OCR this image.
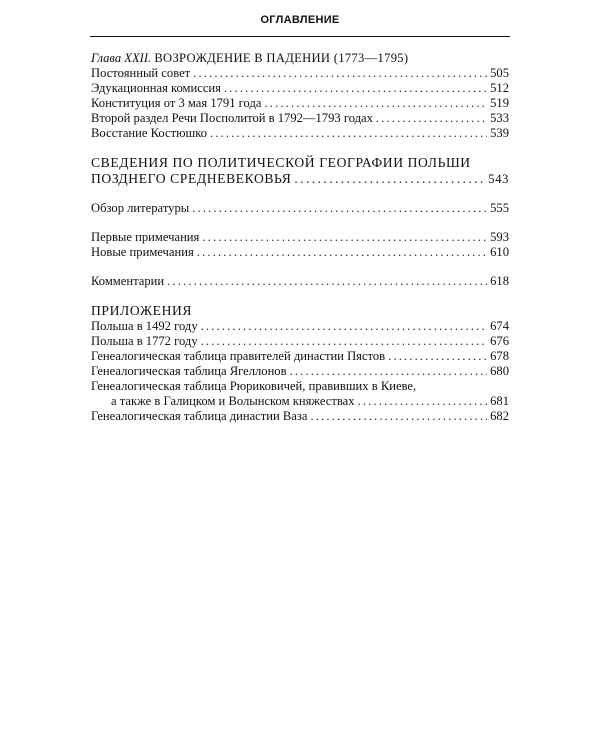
ОГЛАВЛЕНИЕ
Глава XXII. ВОЗРОЖДЕНИЕ В ПАДЕНИИ (1773—1795)
Постоянный совет . . .	505
Эдукационная комиссия . . .	512
Конституция от 3 мая 1791 года . . .	519
Второй раздел Речи Посполитой в 1792—1793 годах . . .	533
Восстание Костюшко . . .	539
СВЕДЕНИЯ ПО ПОЛИТИЧЕСКОЙ ГЕОГРАФИИ ПОЛЬШИ
ПОЗДНЕГО СРЕДНЕВЕКОВЬЯ . . .	543
Обзор литературы . . .	555
Первые примечания . . .	593
Новые примечания . . .	610
Комментарии . . .	618
ПРИЛОЖЕНИЯ
Польша в 1492 году . . .	674
Польша в 1772 году . . .	676
Генеалогическая таблица правителей династии Пястов . . .	678
Генеалогическая таблица Ягеллонов . . .	680
Генеалогическая таблица Рюриковичей, правивших в Киеве,
а также в Галицком и Волынском княжествах . . .	681
Генеалогическая таблица династии Ваза . . .	682
